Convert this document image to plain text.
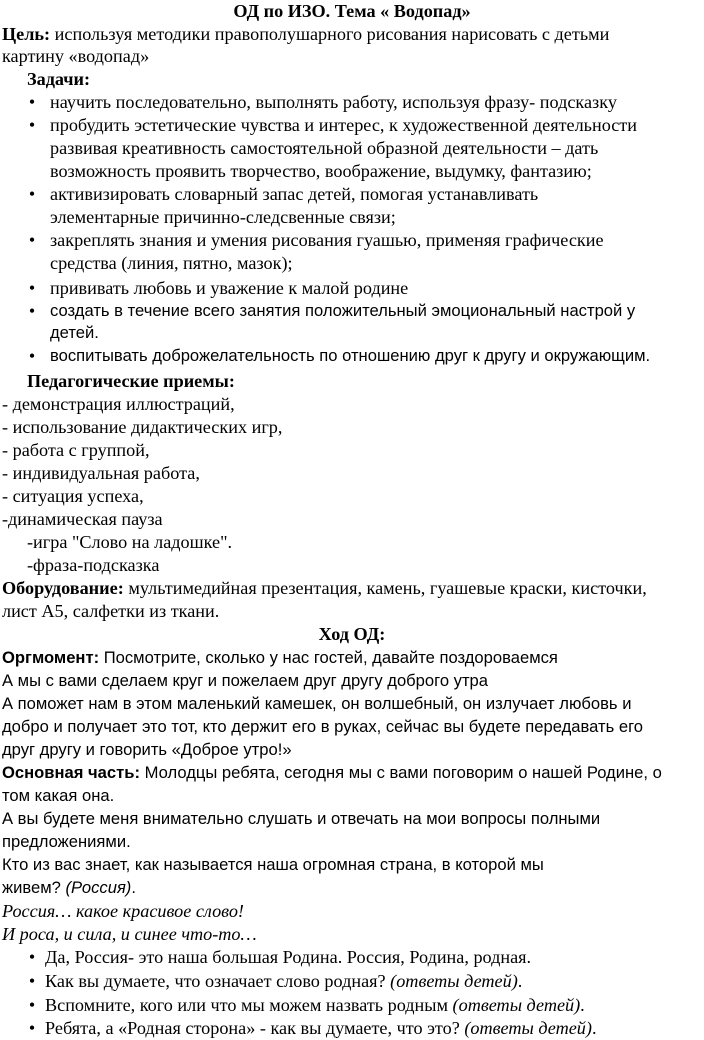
ОД по ИЗО. Тема « Водопад»
Цель: используя методики правополушарного рисования нарисовать с детьми
картину «водопад»
Задачи:
•
научить последовательно, выполнять работу, используя фразу- подсказку
•
пробудить эстетические чувства и интерес, к художественной деятельности
развивая креативность самостоятельной образной деятельности – дать
возможность проявить творчество, воображение, выдумку, фантазию;
•
активизировать словарный запас детей, помогая устанавливать
элементарные причинно-следсвенные связи;
•
закреплять знания и умения рисования гуашью, применяя графические
средства (линия, пятно, мазок);
•
прививать любовь и уважение к малой родине
•
создать в течение всего занятия положительный эмоциональный настрой у
детей.
•
воспитывать доброжелательность по отношению друг к другу и окружающим.
Педагогические приемы:
- демонстрация иллюстраций,
- использование дидактических игр,
- работа с группой,
- индивидуальная работа,
- ситуация успеха,
-динамическая пауза
-игра "Слово на ладошке".
-фраза-подсказка
Оборудование: мультимедийная презентация, камень, гуашевые краски, кисточки,
лист А5, салфетки из ткани.
Ход ОД:
Оргмомент: Посмотрите, сколько у нас гостей, давайте поздороваемся
А мы с вами сделаем круг и пожелаем друг другу доброго утра
А поможет нам в этом маленький камешек, он волшебный, он излучает любовь и
добро и получает это тот, кто держит его в руках, сейчас вы будете передавать его
друг другу и говорить «Доброе утро!»
Основная часть: Молодцы ребята, сегодня мы с вами поговорим о нашей Родине, о
том какая она.
А вы будете меня внимательно слушать и отвечать на мои вопросы полными
предложениями.
Кто из вас знает, как называется наша огромная страна, в которой мы
живем? (Россия).
Россия… какое красивое слово!
И роса, и сила, и синее что-то…
•
Да, Россия- это наша большая Родина. Россия, Родина, родная.
•
Как вы думаете, что означает слово родная? (ответы детей).
•
Вспомните, кого или что мы можем назвать родным (ответы детей).
•
Ребята, а «Родная сторона» - как вы думаете, что это? (ответы детей).
